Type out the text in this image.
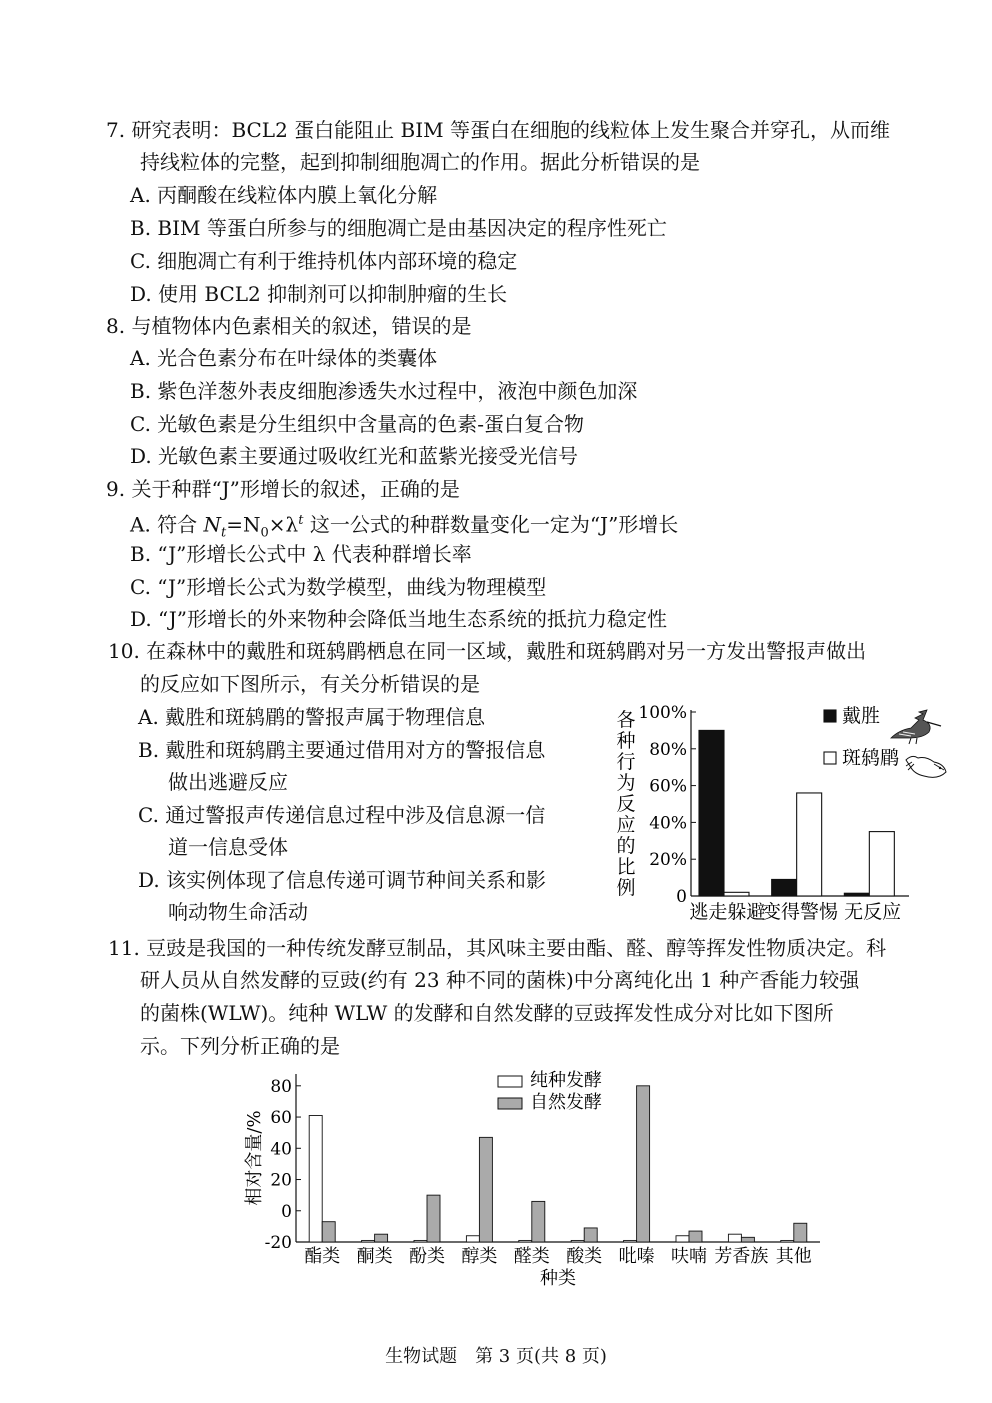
7. 研究表明：BCL2 蛋白能阻止 BIM 等蛋白在细胞的线粒体上发生聚合并穿孔，从而维
持线粒体的完整，起到抑制细胞凋亡的作用。据此分析错误的是
A. 丙酮酸在线粒体内膜上氧化分解
B. BIM 等蛋白所参与的细胞凋亡是由基因决定的程序性死亡
C. 细胞凋亡有利于维持机体内部环境的稳定
D. 使用 BCL2 抑制剂可以抑制肿瘤的生长
8. 与植物体内色素相关的叙述，错误的是
A. 光合色素分布在叶绿体的类囊体
B. 紫色洋葱外表皮细胞渗透失水过程中，液泡中颜色加深
C. 光敏色素是分生组织中含量高的色素-蛋白复合物
D. 光敏色素主要通过吸收红光和蓝紫光接受光信号
9. 关于种群“J”形增长的叙述，正确的是
A. 符合 $N_t=N_0\times\lambda^t$ 这一公式的种群数量变化一定为“J”形增长
B. “J”形增长公式中 λ 代表种群增长率
C. “J”形增长公式为数学模型，曲线为物理模型
D. “J”形增长的外来物种会降低当地生态系统的抵抗力稳定性
10. 在森林中的戴胜和斑鸫鹛栖息在同一区域，戴胜和斑鸫鹛对另一方发出警报声做出
的反应如下图所示，有关分析错误的是
A. 戴胜和斑鸫鹛的警报声属于物理信息
B. 戴胜和斑鸫鹛主要通过借用对方的警报信息
做出逃避反应
C. 通过警报声传递信息过程中涉及信息源一信
道一信息受体
D. 该实例体现了信息传递可调节种间关系和影
响动物生命活动
各
种
行
为
反
应
的
比
例
100%
80%
60%
40%
20%
0
逃走躲避
变得警惕 无反应
戴胜
斑鸫鹛
11. 豆豉是我国的一种传统发酵豆制品，其风味主要由酯、醛、醇等挥发性物质决定。科
研人员从自然发酵的豆豉(约有 23 种不同的菌株)中分离纯化出 1 种产香能力较强
的菌株(WLW)。纯种 WLW 的发酵和自然发酵的豆豉挥发性成分对比如下图所
示。下列分析正确的是
相对含量/%
80
60
40
20
0
-20
酯类 酮类 酚类 醇类 醛类 酸类 吡嗪 呋喃 芳香族 其他
种类
纯种发酵
自然发酵
生物试题　第 3 页(共 8 页)
